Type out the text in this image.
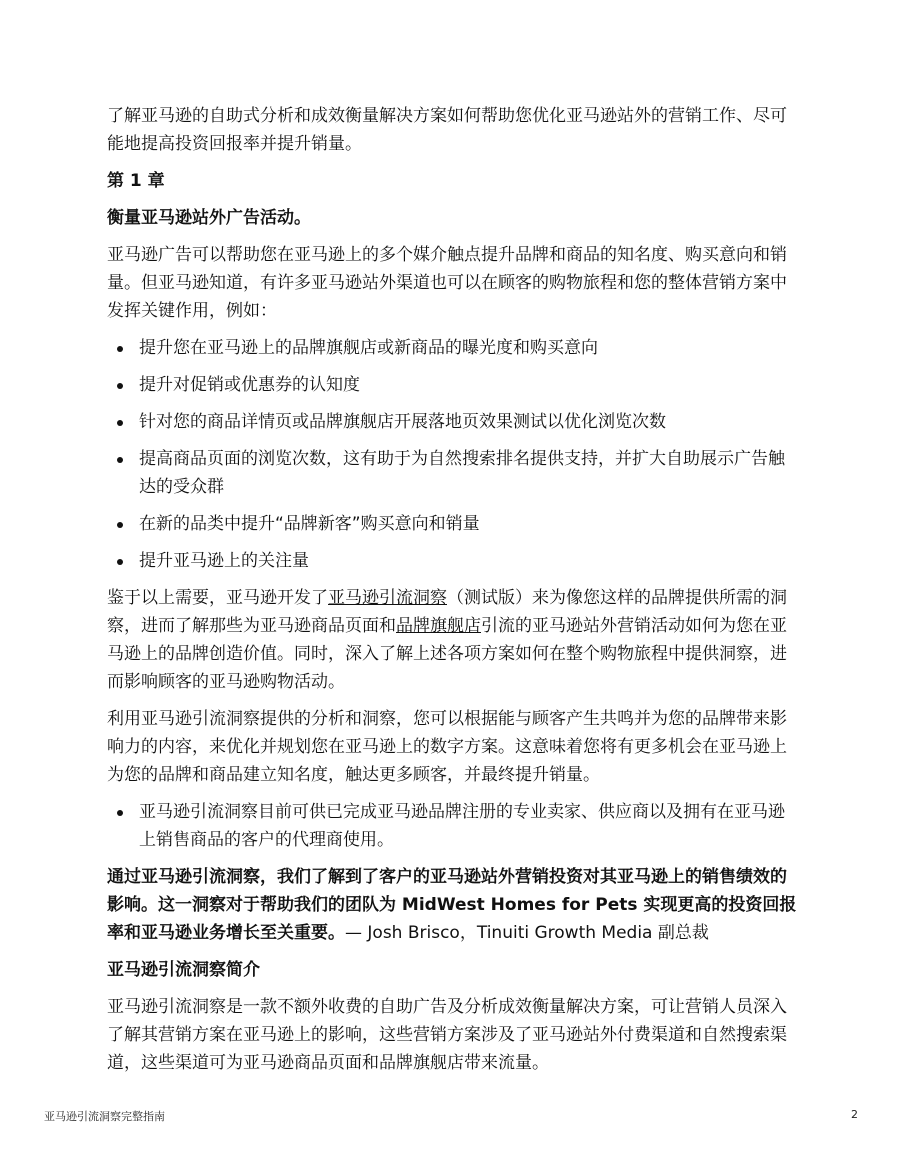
了解亚马逊的自助式分析和成效衡量解决方案如何帮助您优化亚马逊站外的营销工作、尽可能地提高投资回报率并提升销量。

第 1 章

衡量亚马逊站外广告活动。

亚马逊广告可以帮助您在亚马逊上的多个媒介触点提升品牌和商品的知名度、购买意向和销量。但亚马逊知道，有许多亚马逊站外渠道也可以在顾客的购物旅程和您的整体营销方案中发挥关键作用，例如：

提升您在亚马逊上的品牌旗舰店或新商品的曝光度和购买意向
提升对促销或优惠券的认知度
针对您的商品详情页或品牌旗舰店开展落地页效果测试以优化浏览次数
提高商品页面的浏览次数，这有助于为自然搜索排名提供支持，并扩大自助展示广告触达的受众群
在新的品类中提升“品牌新客”购买意向和销量
提升亚马逊上的关注量

鉴于以上需要，亚马逊开发了亚马逊引流洞察（测试版）来为像您这样的品牌提供所需的洞察，进而了解那些为亚马逊商品页面和品牌旗舰店引流的亚马逊站外营销活动如何为您在亚马逊上的品牌创造价值。同时，深入了解上述各项方案如何在整个购物旅程中提供洞察，进而影响顾客的亚马逊购物活动。

利用亚马逊引流洞察提供的分析和洞察，您可以根据能与顾客产生共鸣并为您的品牌带来影响力的内容，来优化并规划您在亚马逊上的数字方案。这意味着您将有更多机会在亚马逊上为您的品牌和商品建立知名度，触达更多顾客，并最终提升销量。

亚马逊引流洞察目前可供已完成亚马逊品牌注册的专业卖家、供应商以及拥有在亚马逊上销售商品的客户的代理商使用。

通过亚马逊引流洞察，我们了解到了客户的亚马逊站外营销投资对其亚马逊上的销售绩效的影响。这一洞察对于帮助我们的团队为 MidWest Homes for Pets 实现更高的投资回报率和亚马逊业务增长至关重要。— Josh Brisco，Tinuiti Growth Media 副总裁

亚马逊引流洞察简介

亚马逊引流洞察是一款不额外收费的自助广告及分析成效衡量解决方案，可让营销人员深入了解其营销方案在亚马逊上的影响，这些营销方案涉及了亚马逊站外付费渠道和自然搜索渠道，这些渠道可为亚马逊商品页面和品牌旗舰店带来流量。

亚马逊引流洞察完整指南	2
